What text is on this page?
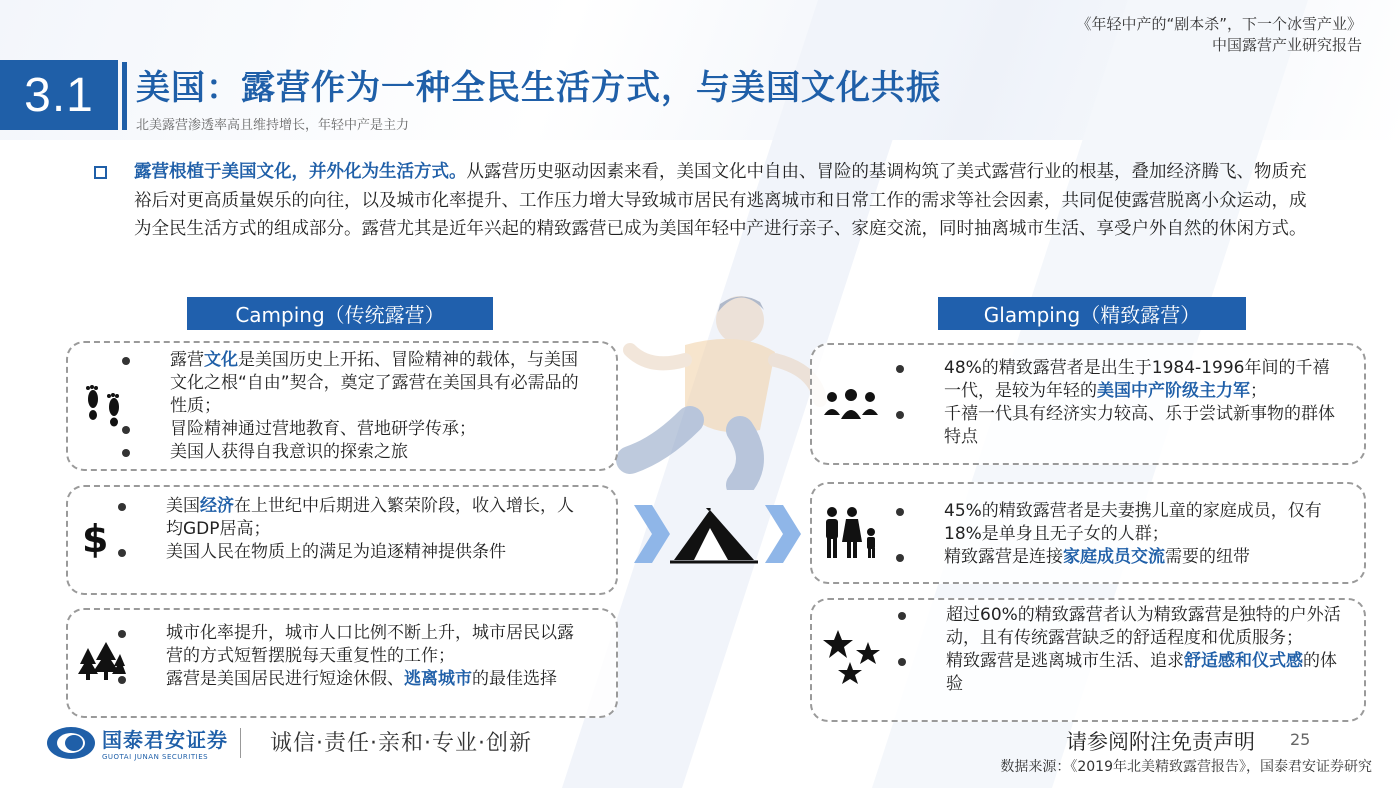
《年轻中产的“剧本杀”，下一个冰雪产业》
中国露营产业研究报告
3.1	美国：露营作为一种全民生活方式，与美国文化共振
北美露营渗透率高且维持增长，年轻中产是主力
露营根植于美国文化，并外化为生活方式。从露营历史驱动因素来看，美国文化中自由、冒险的基调构筑了美式露营行业的根基，叠加经济腾飞、物质充裕后对更高质量娱乐的向往，以及城市化率提升、工作压力增大导致城市居民有逃离城市和日常工作的需求等社会因素，共同促使露营脱离小众运动，成为全民生活方式的组成部分。露营尤其是近年兴起的精致露营已成为美国年轻中产进行亲子、家庭交流，同时抽离城市生活、享受户外自然的休闲方式。
Camping（传统露营）	Glamping（精致露营）
露营文化是美国历史上开拓、冒险精神的载体，与美国文化之根“自由”契合，奠定了露营在美国具有必需品的性质；
冒险精神通过营地教育、营地研学传承；
美国人获得自我意识的探索之旅
$
美国经济在上世纪中后期进入繁荣阶段，收入增长，人均GDP居高；
美国人民在物质上的满足为追逐精神提供条件
城市化率提升，城市人口比例不断上升，城市居民以露营的方式短暂摆脱每天重复性的工作；
露营是美国居民进行短途休假、逃离城市的最佳选择
48%的精致露营者是出生于1984-1996年间的千禧一代，是较为年轻的美国中产阶级主力军；
千禧一代具有经济实力较高、乐于尝试新事物的群体特点
45%的精致露营者是夫妻携儿童的家庭成员，仅有18%是单身且无子女的人群；
精致露营是连接家庭成员交流需要的纽带
超过60%的精致露营者认为精致露营是独特的户外活动，且有传统露营缺乏的舒适程度和优质服务；
精致露营是逃离城市生活、追求舒适感和仪式感的体验
国泰君安证券
GUOTAI JUNAN SECURITIES
诚信·责任·亲和·专业·创新	请参阅附注免责声明 25
数据来源：《2019年北美精致露营报告》，国泰君安证券研究
